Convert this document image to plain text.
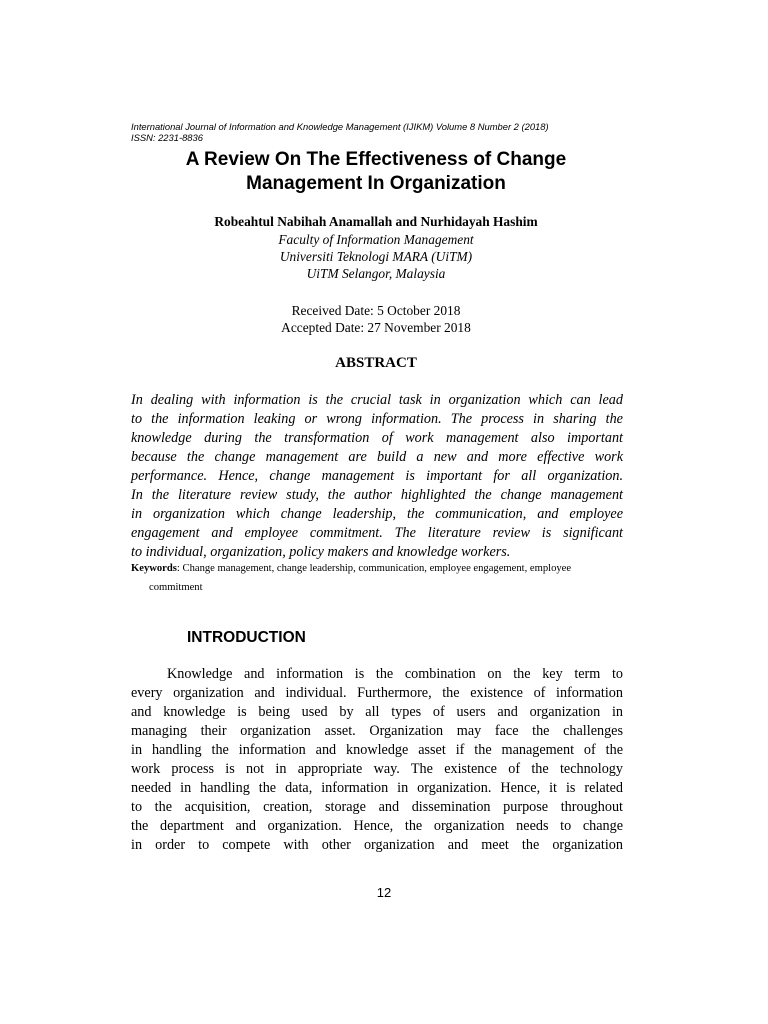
International Journal of Information and Knowledge Management (IJIKM) Volume 8 Number 2 (2018)
ISSN: 2231-8836
A Review On The Effectiveness of Change
Management In Organization
Robeahtul Nabihah Anamallah and Nurhidayah Hashim
Faculty of Information Management
Universiti Teknologi MARA (UiTM)
UiTM Selangor, Malaysia
Received Date: 5 October 2018
Accepted Date: 27 November 2018
ABSTRACT
In dealing with information is the crucial task in organization which can lead
to the information leaking or wrong information. The process in sharing the
knowledge during the transformation of work management also important
because the change management are build a new and more effective work
performance. Hence, change management is important for all organization.
In the literature review study, the author highlighted the change management
in organization which change leadership, the communication, and employee
engagement and employee commitment. The literature review is significant
to individual, organization, policy makers and knowledge workers.
Keywords: Change management, change leadership, communication, employee engagement, employee
commitment
INTRODUCTION
Knowledge and information is the combination on the key term to
every organization and individual. Furthermore, the existence of information
and knowledge is being used by all types of users and organization in
managing their organization asset. Organization may face the challenges
in handling the information and knowledge asset if the management of the
work process is not in appropriate way. The existence of the technology
needed in handling the data, information in organization. Hence, it is related
to the acquisition, creation, storage and dissemination purpose throughout
the department and organization. Hence, the organization needs to change
in order to compete with other organization and meet the organization
12
